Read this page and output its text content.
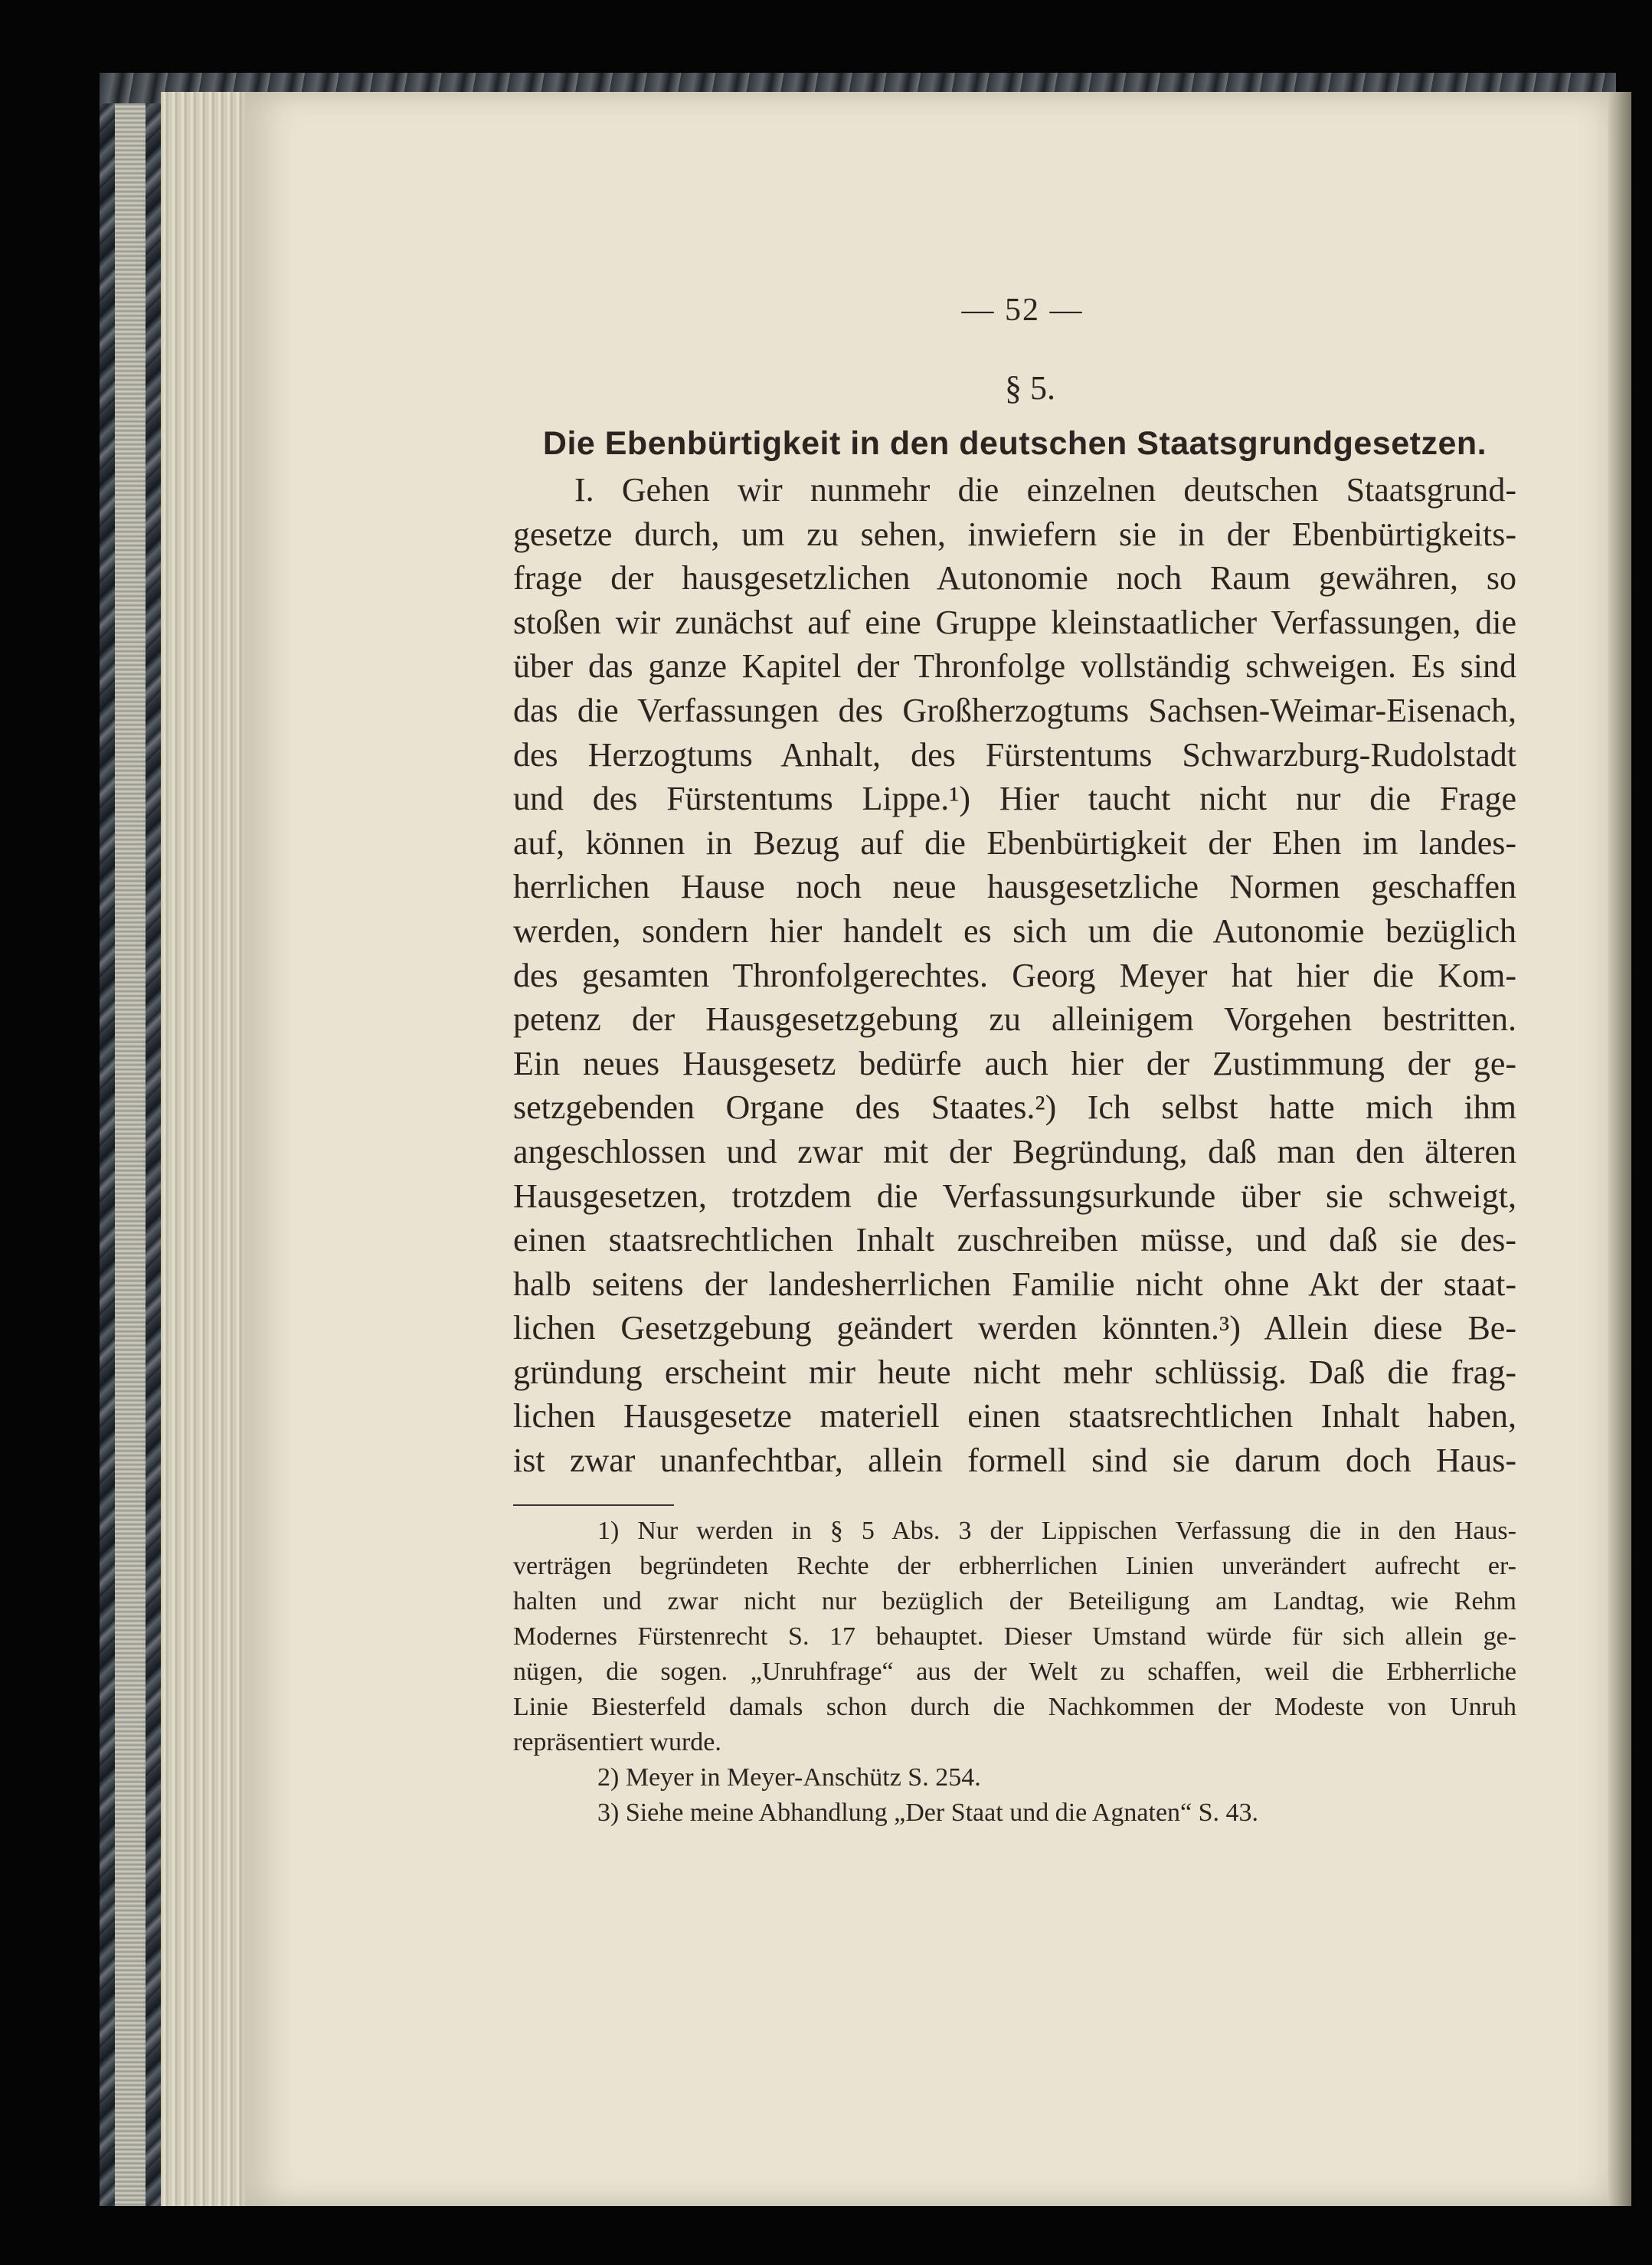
— 52 —
§ 5.
Die Ebenbürtigkeit in den deutschen Staatsgrundgesetzen.
I. Gehen wir nunmehr die einzelnen deutschen Staatsgrund-
gesetze durch, um zu sehen, inwiefern sie in der Ebenbürtigkeits-
frage der hausgesetzlichen Autonomie noch Raum gewähren, so
stoßen wir zunächst auf eine Gruppe kleinstaatlicher Verfassungen, die
über das ganze Kapitel der Thronfolge vollständig schweigen. Es sind
das die Verfassungen des Großherzogtums Sachsen-Weimar-Eisenach,
des Herzogtums Anhalt, des Fürstentums Schwarzburg-Rudolstadt
und des Fürstentums Lippe.¹) Hier taucht nicht nur die Frage
auf, können in Bezug auf die Ebenbürtigkeit der Ehen im landes-
herrlichen Hause noch neue hausgesetzliche Normen geschaffen
werden, sondern hier handelt es sich um die Autonomie bezüglich
des gesamten Thronfolgerechtes. Georg Meyer hat hier die Kom-
petenz der Hausgesetzgebung zu alleinigem Vorgehen bestritten.
Ein neues Hausgesetz bedürfe auch hier der Zustimmung der ge-
setzgebenden Organe des Staates.²) Ich selbst hatte mich ihm
angeschlossen und zwar mit der Begründung, daß man den älteren
Hausgesetzen, trotzdem die Verfassungsurkunde über sie schweigt,
einen staatsrechtlichen Inhalt zuschreiben müsse, und daß sie des-
halb seitens der landesherrlichen Familie nicht ohne Akt der staat-
lichen Gesetzgebung geändert werden könnten.³) Allein diese Be-
gründung erscheint mir heute nicht mehr schlüssig. Daß die frag-
lichen Hausgesetze materiell einen staatsrechtlichen Inhalt haben,
ist zwar unanfechtbar, allein formell sind sie darum doch Haus-
1) Nur werden in § 5 Abs. 3 der Lippischen Verfassung die in den Haus-
verträgen begründeten Rechte der erbherrlichen Linien unverändert aufrecht er-
halten und zwar nicht nur bezüglich der Beteiligung am Landtag, wie Rehm
Modernes Fürstenrecht S. 17 behauptet. Dieser Umstand würde für sich allein ge-
nügen, die sogen. „Unruhfrage“ aus der Welt zu schaffen, weil die Erbherrliche
Linie Biesterfeld damals schon durch die Nachkommen der Modeste von Unruh
repräsentiert wurde.
2) Meyer in Meyer-Anschütz S. 254.
3) Siehe meine Abhandlung „Der Staat und die Agnaten“ S. 43.
